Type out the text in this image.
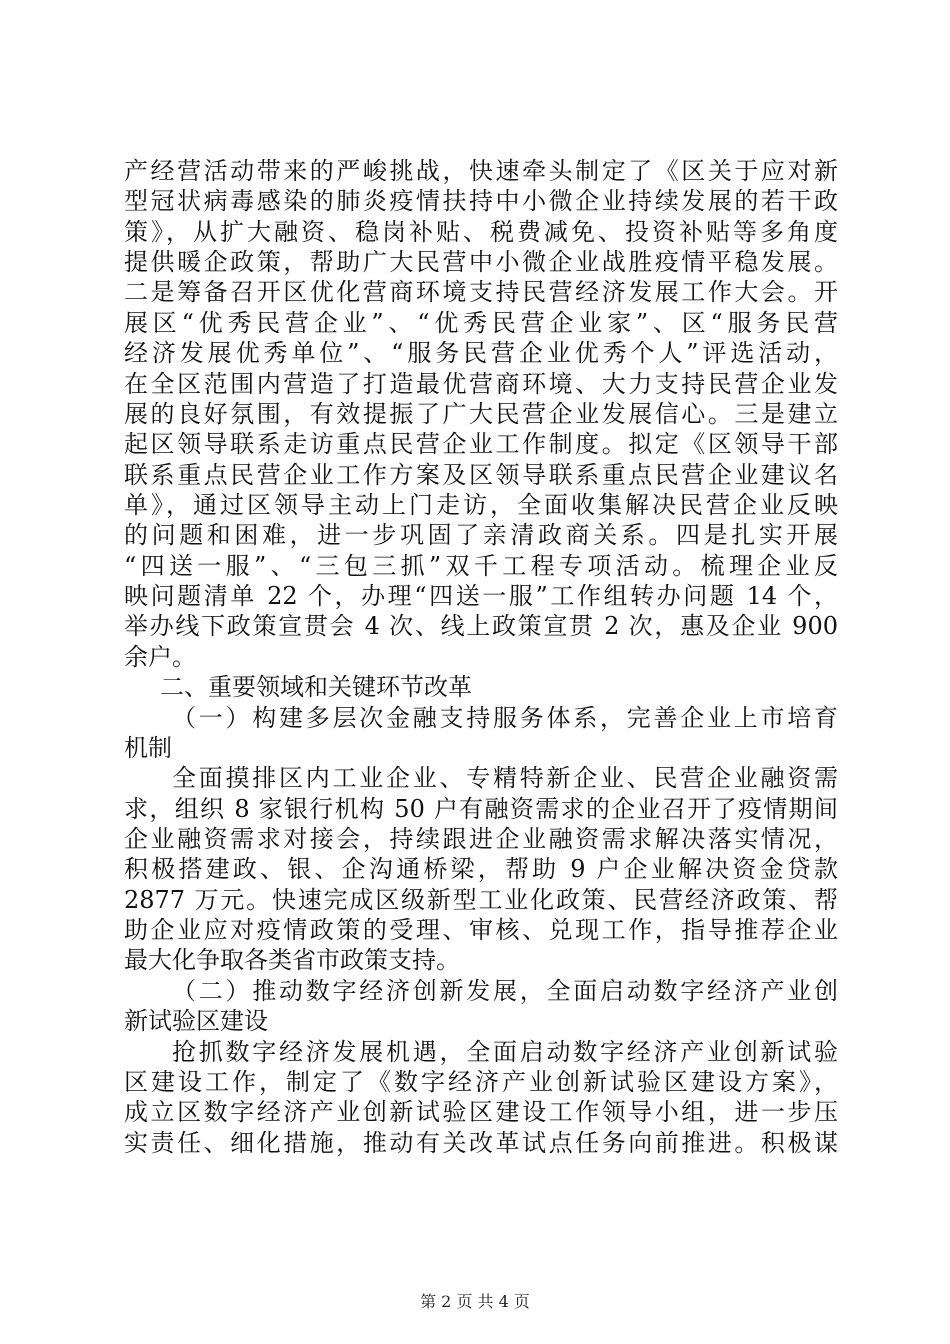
产经营活动带来的严峻挑战，快速牵头制定了《区关于应对新
型冠状病毒感染的肺炎疫情扶持中小微企业持续发展的若干政
策》，从扩大融资、稳岗补贴、税费减免、投资补贴等多角度
提供暖企政策，帮助广大民营中小微企业战胜疫情平稳发展。
二是筹备召开区优化营商环境支持民营经济发展工作大会。开
展区“优秀民营企业”、“优秀民营企业家”、区“服务民营
经济发展优秀单位”、“服务民营企业优秀个人”评选活动，
在全区范围内营造了打造最优营商环境、大力支持民营企业发
展的良好氛围，有效提振了广大民营企业发展信心。三是建立
起区领导联系走访重点民营企业工作制度。拟定《区领导干部
联系重点民营企业工作方案及区领导联系重点民营企业建议名
单》，通过区领导主动上门走访，全面收集解决民营企业反映
的问题和困难，进一步巩固了亲清政商关系。四是扎实开展
“四送一服”、“三包三抓”双千工程专项活动。梳理企业反
映问题清单 22 个，办理“四送一服”工作组转办问题 14 个，
举办线下政策宣贯会 4 次、线上政策宣贯 2 次，惠及企业 900
余户。
二、重要领域和关键环节改革
（一）构建多层次金融支持服务体系，完善企业上市培育
机制
全面摸排区内工业企业、专精特新企业、民营企业融资需
求，组织 8 家银行机构 50 户有融资需求的企业召开了疫情期间
企业融资需求对接会，持续跟进企业融资需求解决落实情况，
积极搭建政、银、企沟通桥梁，帮助 9 户企业解决资金贷款
2877 万元。快速完成区级新型工业化政策、民营经济政策、帮
助企业应对疫情政策的受理、审核、兑现工作，指导推荐企业
最大化争取各类省市政策支持。
（二）推动数字经济创新发展，全面启动数字经济产业创
新试验区建设
抢抓数字经济发展机遇，全面启动数字经济产业创新试验
区建设工作，制定了《数字经济产业创新试验区建设方案》，
成立区数字经济产业创新试验区建设工作领导小组，进一步压
实责任、细化措施，推动有关改革试点任务向前推进。积极谋
第 2 页 共 4 页
